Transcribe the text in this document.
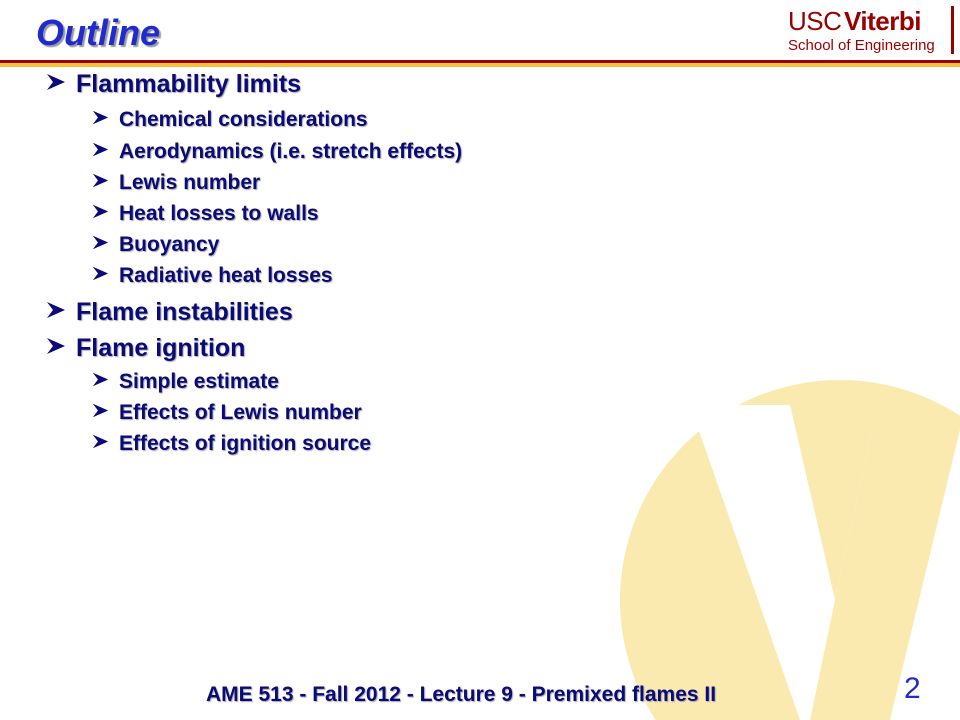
Outline	USC Viterbi
School of Engineering
Flammability limits
Chemical considerations
Aerodynamics (i.e. stretch effects)
Lewis number
Heat losses to walls
Buoyancy
Radiative heat losses
Flame instabilities
Flame ignition
Simple estimate
Effects of Lewis number
Effects of ignition source
AME 513 - Fall 2012 - Lecture 9 - Premixed flames II	2
